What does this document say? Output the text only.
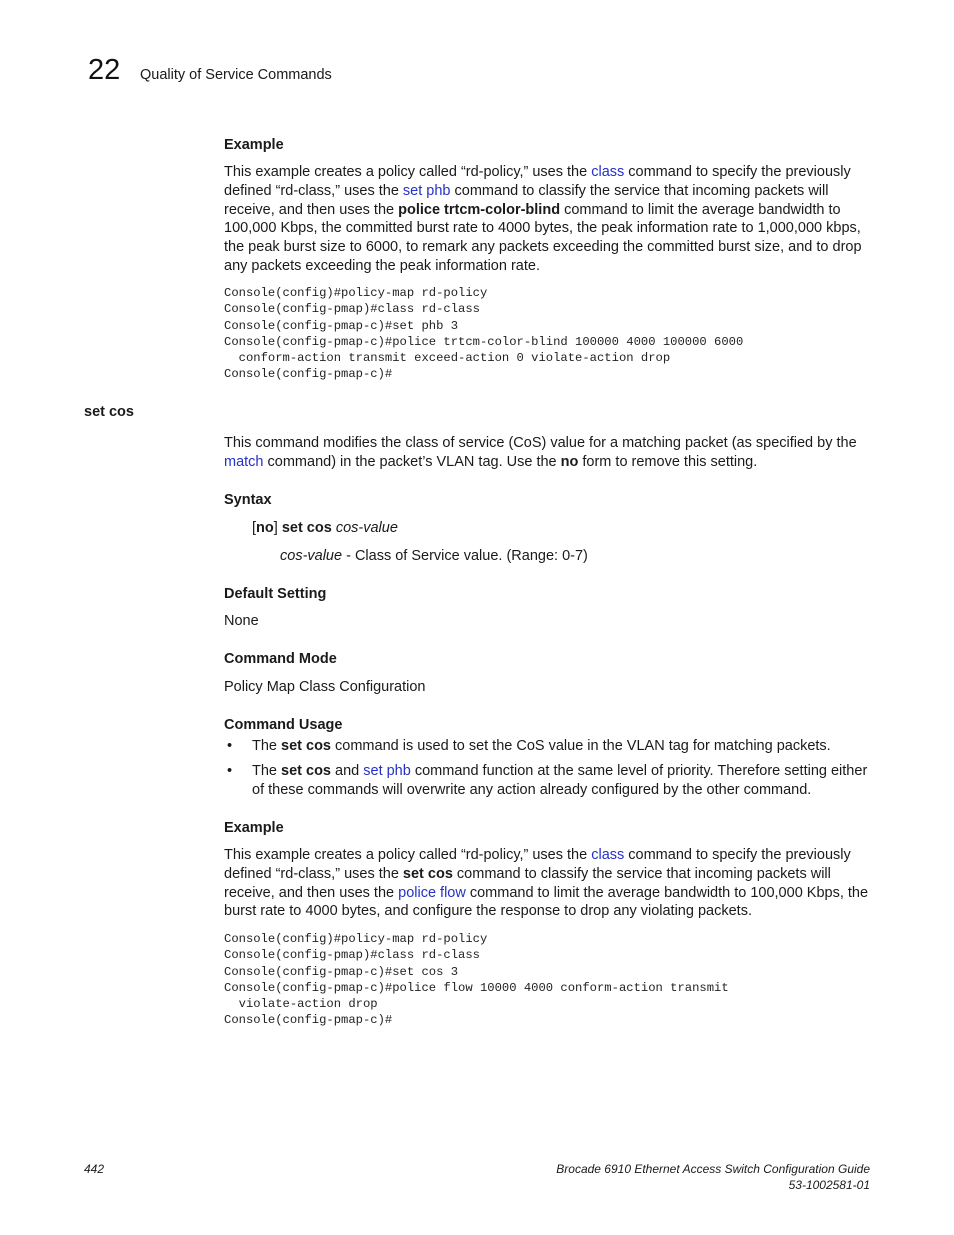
22 Quality of Service Commands
Example
This example creates a policy called “rd-policy,” uses the class command to specify the previously defined “rd-class,” uses the set phb command to classify the service that incoming packets will receive, and then uses the police trtcm-color-blind command to limit the average bandwidth to 100,000 Kbps, the committed burst rate to 4000 bytes, the peak information rate to 1,000,000 kbps, the peak burst size to 6000, to remark any packets exceeding the committed burst size, and to drop any packets exceeding the peak information rate.
Console(config)#policy-map rd-policy
Console(config-pmap)#class rd-class
Console(config-pmap-c)#set phb 3
Console(config-pmap-c)#police trtcm-color-blind 100000 4000 100000 6000
conform-action transmit exceed-action 0 violate-action drop
Console(config-pmap-c)#
set cos
This command modifies the class of service (CoS) value for a matching packet (as specified by the match command) in the packet’s VLAN tag. Use the no form to remove this setting.
Syntax
[no] set cos cos-value
cos-value - Class of Service value. (Range: 0-7)
Default Setting
None
Command Mode
Policy Map Class Configuration
Command Usage
• The set cos command is used to set the CoS value in the VLAN tag for matching packets.
• The set cos and set phb command function at the same level of priority. Therefore setting either of these commands will overwrite any action already configured by the other command.
Example
This example creates a policy called “rd-policy,” uses the class command to specify the previously defined “rd-class,” uses the set cos command to classify the service that incoming packets will receive, and then uses the police flow command to limit the average bandwidth to 100,000 Kbps, the burst rate to 4000 bytes, and configure the response to drop any violating packets.
Console(config)#policy-map rd-policy
Console(config-pmap)#class rd-class
Console(config-pmap-c)#set cos 3
Console(config-pmap-c)#police flow 10000 4000 conform-action transmit
violate-action drop
Console(config-pmap-c)#
442	Brocade 6910 Ethernet Access Switch Configuration Guide
53-1002581-01
